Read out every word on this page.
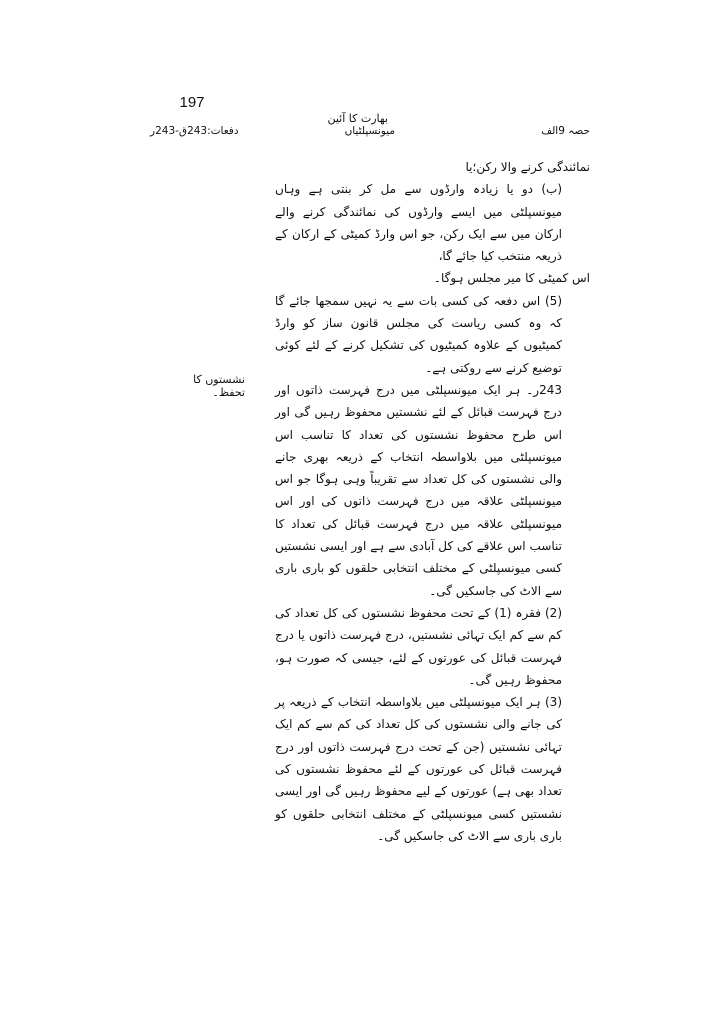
197
بھارت کا آئین
حصہ 9الف
میونسپلٹیاں
دفعات:243ق-243ر
نشستوں کا تحفظ۔

نمائندگی کرنے والا رکن؛یا

(ب) دو یا زیادہ وارڈوں سے مل کر بنتی ہے وہاں میونسپلٹی میں ایسے وارڈوں کی نمائندگی کرنے والے ارکان میں سے ایک رکن، جو اس وارڈ کمیٹی کے ارکان کے ذریعہ منتخب کیا جائے گا،

اس کمیٹی کا میر مجلس ہوگا۔

(5) اس دفعہ کی کسی بات سے یہ نہیں سمجھا جائے گا کہ وہ کسی ریاست کی مجلس قانون ساز کو وارڈ کمیٹیوں کے علاوہ کمیٹیوں کی تشکیل کرنے کے لئے کوئی توضیع کرنے سے روکتی ہے۔

243ر۔ ہر ایک میونسپلٹی میں درج فہرست ذاتوں اور درج فہرست قبائل کے لئے نشستیں محفوظ رہیں گی اور اس طرح محفوظ نشستوں کی تعداد کا تناسب اس میونسپلٹی میں بلاواسطہ انتخاب کے ذریعہ بھری جانے والی نشستوں کی کل تعداد سے تقریباً وہی ہوگا جو اس میونسپلٹی علاقہ میں درج فہرست ذاتوں کی اور اس میونسپلٹی علاقہ میں درج فہرست قبائل کی تعداد کا تناسب اس علاقے کی کل آبادی سے ہے اور ایسی نشستیں کسی میونسپلٹی کے مختلف انتخابی حلقوں کو باری باری سے الاٹ کی جاسکیں گی۔

(2) فقرہ (1) کے تحت محفوظ نشستوں کی کل تعداد کی کم سے کم ایک تہائی نشستیں، درج فہرست ذاتوں یا درج فہرست قبائل کی عورتوں کے لئے، جیسی کہ صورت ہو، محفوظ رہیں گی۔

(3) ہر ایک میونسپلٹی میں بلاواسطہ انتخاب کے ذریعہ پر کی جانے والی نشستوں کی کل تعداد کی کم سے کم ایک تہائی نشستیں (جن کے تحت درج فہرست ذاتوں اور درج فہرست قبائل کی عورتوں کے لئے محفوظ نشستوں کی تعداد بھی ہے) عورتوں کے لیے محفوظ رہیں گی اور ایسی نشستیں کسی میونسپلٹی کے مختلف انتخابی حلقوں کو باری باری سے الاٹ کی جاسکیں گی۔
